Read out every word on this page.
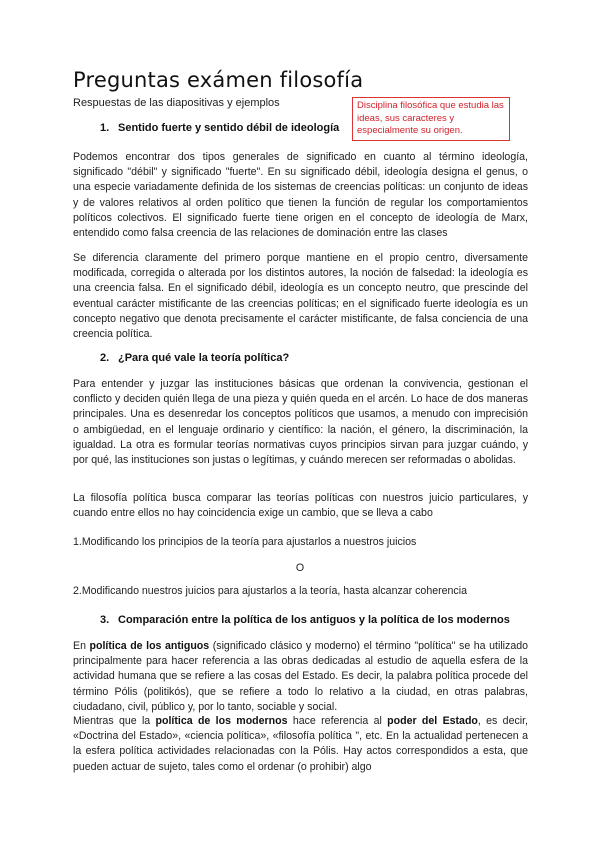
Preguntas exámen filosofía
Respuestas de las diapositivas y ejemplos	Disciplina filosófica que estudia las ideas, sus caracteres y especialmente su origen.
1. Sentido fuerte y sentido débil de ideología
Podemos encontrar dos tipos generales de significado en cuanto al término ideología, significado "débil" y significado "fuerte". En su significado débil, ideología designa el genus, o una especie variadamente definida de los sistemas de creencias políticas: un conjunto de ideas y de valores relativos al orden político que tienen la función de regular los comportamientos políticos colectivos. El significado fuerte tiene origen en el concepto de ideología de Marx, entendido como falsa creencia de las relaciones de dominación entre las clases
Se diferencia claramente del primero porque mantiene en el propio centro, diversamente modificada, corregida o alterada por los distintos autores, la noción de falsedad: la ideología es una creencia falsa. En el significado débil, ideología es un concepto neutro, que prescinde del eventual carácter mistificante de las creencias políticas; en el significado fuerte ideología es un concepto negativo que denota precisamente el carácter mistificante, de falsa conciencia de una creencia política.
2. ¿Para qué vale la teoría política?
Para entender y juzgar las instituciones básicas que ordenan la convivencia, gestionan el conflicto y deciden quién llega de una pieza y quién queda en el arcén. Lo hace de dos maneras principales. Una es desenredar los conceptos políticos que usamos, a menudo con imprecisión o ambigüedad, en el lenguaje ordinario y científico: la nación, el género, la discriminación, la igualdad. La otra es formular teorías normativas cuyos principios sirvan para juzgar cuándo, y por qué, las instituciones son justas o legítimas, y cuándo merecen ser reformadas o abolidas.
La filosofía política busca comparar las teorías políticas con nuestros juicio particulares, y cuando entre ellos no hay coincidencia exige un cambio, que se lleva a cabo
1.Modificando los principios de la teoría para ajustarlos a nuestros juicios
O
2.Modificando nuestros juicios para ajustarlos a la teoría, hasta alcanzar coherencia
3. Comparación entre la política de los antiguos y la política de los modernos
En política de los antiguos (significado clásico y moderno) el término "política" se ha utilizado principalmente para hacer referencia a las obras dedicadas al estudio de aquella esfera de la actividad humana que se refiere a las cosas del Estado. Es decir, la palabra política procede del término Pólis (politikós), que se refiere a todo lo relativo a la ciudad, en otras palabras, ciudadano, civil, público y, por lo tanto, sociable y social.
Mientras que la política de los modernos hace referencia al poder del Estado, es decir, «Doctrina del Estado», «ciencia política», «filosofía política ", etc. En la actualidad pertenecen a la esfera política actividades relacionadas con la Pólis. Hay actos correspondidos a esta, que pueden actuar de sujeto, tales como el ordenar (o prohibir) algo
